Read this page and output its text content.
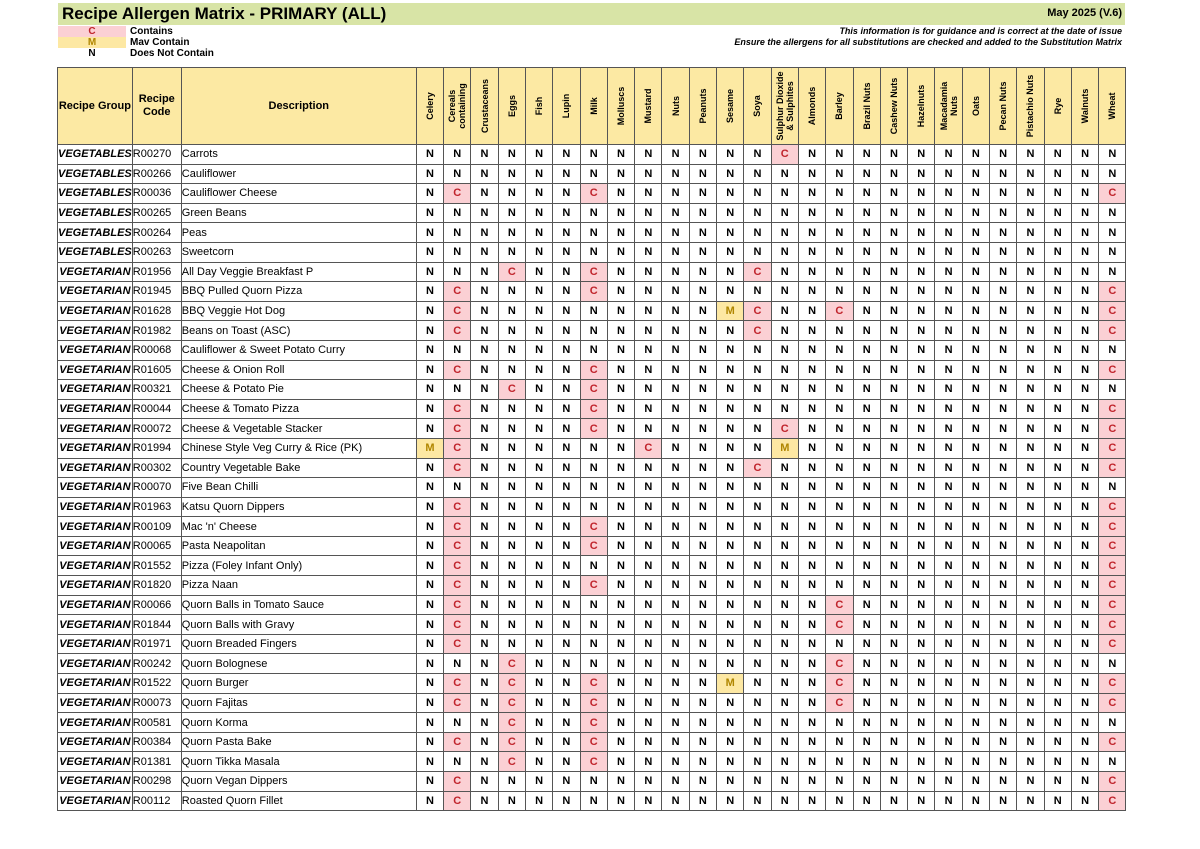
Recipe Allergen Matrix - PRIMARY (ALL)	May 2025 (V.6)
C	Contains
M	Mav Contain
N	Does Not Contain
This information is for guidance and is correct at the date of issue
Ensure the allergens for all substitutions are checked and added to the Substitution Matrix
Recipe Group	Recipe Code	Description	Celery	Cereals containing	Crustaceans	Eggs	Fish	Lupin	Milk	Molluscs	Mustard	Nuts	Peanuts	Sesame	Soya	Sulphur Dioxide & Sulphites	Almonds	Barley	Brazil Nuts	Cashew Nuts	Hazelnuts	Macadamia Nuts	Oats	Pecan Nuts	Pistachio Nuts	Rye	Walnuts	Wheat

VEGETABLES	R00270	Carrots	N	N	N	N	N	N	N	N	N	N	N	N	N	C	N	N	N	N	N	N	N	N	N	N	N	N
VEGETABLES	R00266	Cauliflower	N	N	N	N	N	N	N	N	N	N	N	N	N	N	N	N	N	N	N	N	N	N	N	N	N	N
VEGETABLES	R00036	Cauliflower Cheese	N	C	N	N	N	N	C	N	N	N	N	N	N	N	N	N	N	N	N	N	N	N	N	N	N	C
VEGETABLES	R00265	Green Beans	N	N	N	N	N	N	N	N	N	N	N	N	N	N	N	N	N	N	N	N	N	N	N	N	N	N
VEGETABLES	R00264	Peas	N	N	N	N	N	N	N	N	N	N	N	N	N	N	N	N	N	N	N	N	N	N	N	N	N	N
VEGETABLES	R00263	Sweetcorn	N	N	N	N	N	N	N	N	N	N	N	N	N	N	N	N	N	N	N	N	N	N	N	N	N	N
VEGETARIAN	R01956	All Day Veggie Breakfast P	N	N	N	C	N	N	C	N	N	N	N	N	C	N	N	N	N	N	N	N	N	N	N	N	N	N
VEGETARIAN	R01945	BBQ Pulled Quorn Pizza	N	C	N	N	N	N	C	N	N	N	N	N	N	N	N	N	N	N	N	N	N	N	N	N	N	C
VEGETARIAN	R01628	BBQ Veggie Hot Dog	N	C	N	N	N	N	N	N	N	N	N	M	C	N	N	C	N	N	N	N	N	N	N	N	N	C
VEGETARIAN	R01982	Beans on Toast (ASC)	N	C	N	N	N	N	N	N	N	N	N	N	C	N	N	N	N	N	N	N	N	N	N	N	N	C
VEGETARIAN	R00068	Cauliflower & Sweet Potato Curry	N	N	N	N	N	N	N	N	N	N	N	N	N	N	N	N	N	N	N	N	N	N	N	N	N	N
VEGETARIAN	R01605	Cheese & Onion Roll	N	C	N	N	N	N	C	N	N	N	N	N	N	N	N	N	N	N	N	N	N	N	N	N	N	C
VEGETARIAN	R00321	Cheese & Potato Pie	N	N	N	C	N	N	C	N	N	N	N	N	N	N	N	N	N	N	N	N	N	N	N	N	N	N
VEGETARIAN	R00044	Cheese & Tomato Pizza	N	C	N	N	N	N	C	N	N	N	N	N	N	N	N	N	N	N	N	N	N	N	N	N	N	C
VEGETARIAN	R00072	Cheese & Vegetable Stacker	N	C	N	N	N	N	C	N	N	N	N	N	N	C	N	N	N	N	N	N	N	N	N	N	N	C
VEGETARIAN	R01994	Chinese Style Veg Curry & Rice (PK)	M	C	N	N	N	N	N	N	C	N	N	N	N	M	N	N	N	N	N	N	N	N	N	N	N	C
VEGETARIAN	R00302	Country Vegetable Bake	N	C	N	N	N	N	N	N	N	N	N	N	C	N	N	N	N	N	N	N	N	N	N	N	N	C
VEGETARIAN	R00070	Five Bean Chilli	N	N	N	N	N	N	N	N	N	N	N	N	N	N	N	N	N	N	N	N	N	N	N	N	N	N
VEGETARIAN	R01963	Katsu Quorn Dippers	N	C	N	N	N	N	N	N	N	N	N	N	N	N	N	N	N	N	N	N	N	N	N	N	N	C
VEGETARIAN	R00109	Mac 'n' Cheese	N	C	N	N	N	N	C	N	N	N	N	N	N	N	N	N	N	N	N	N	N	N	N	N	N	C
VEGETARIAN	R00065	Pasta Neapolitan	N	C	N	N	N	N	C	N	N	N	N	N	N	N	N	N	N	N	N	N	N	N	N	N	N	C
VEGETARIAN	R01552	Pizza (Foley Infant Only)	N	C	N	N	N	N	N	N	N	N	N	N	N	N	N	N	N	N	N	N	N	N	N	N	N	C
VEGETARIAN	R01820	Pizza Naan	N	C	N	N	N	N	C	N	N	N	N	N	N	N	N	N	N	N	N	N	N	N	N	N	N	C
VEGETARIAN	R00066	Quorn Balls in Tomato Sauce	N	C	N	N	N	N	N	N	N	N	N	N	N	N	N	C	N	N	N	N	N	N	N	N	N	C
VEGETARIAN	R01844	Quorn Balls with Gravy	N	C	N	N	N	N	N	N	N	N	N	N	N	N	N	C	N	N	N	N	N	N	N	N	N	C
VEGETARIAN	R01971	Quorn Breaded Fingers	N	C	N	N	N	N	N	N	N	N	N	N	N	N	N	N	N	N	N	N	N	N	N	N	N	C
VEGETARIAN	R00242	Quorn Bolognese	N	N	N	C	N	N	N	N	N	N	N	N	N	N	N	C	N	N	N	N	N	N	N	N	N	N
VEGETARIAN	R01522	Quorn Burger	N	C	N	C	N	N	C	N	N	N	N	M	N	N	N	C	N	N	N	N	N	N	N	N	N	C
VEGETARIAN	R00073	Quorn Fajitas	N	C	N	C	N	N	C	N	N	N	N	N	N	N	N	C	N	N	N	N	N	N	N	N	N	C
VEGETARIAN	R00581	Quorn Korma	N	N	N	C	N	N	C	N	N	N	N	N	N	N	N	N	N	N	N	N	N	N	N	N	N	N
VEGETARIAN	R00384	Quorn Pasta Bake	N	C	N	C	N	N	C	N	N	N	N	N	N	N	N	N	N	N	N	N	N	N	N	N	N	C
VEGETARIAN	R01381	Quorn Tikka Masala	N	N	N	C	N	N	C	N	N	N	N	N	N	N	N	N	N	N	N	N	N	N	N	N	N	N
VEGETARIAN	R00298	Quorn Vegan Dippers	N	C	N	N	N	N	N	N	N	N	N	N	N	N	N	N	N	N	N	N	N	N	N	N	N	C
VEGETARIAN	R00112	Roasted Quorn Fillet	N	C	N	N	N	N	N	N	N	N	N	N	N	N	N	N	N	N	N	N	N	N	N	N	N	C
